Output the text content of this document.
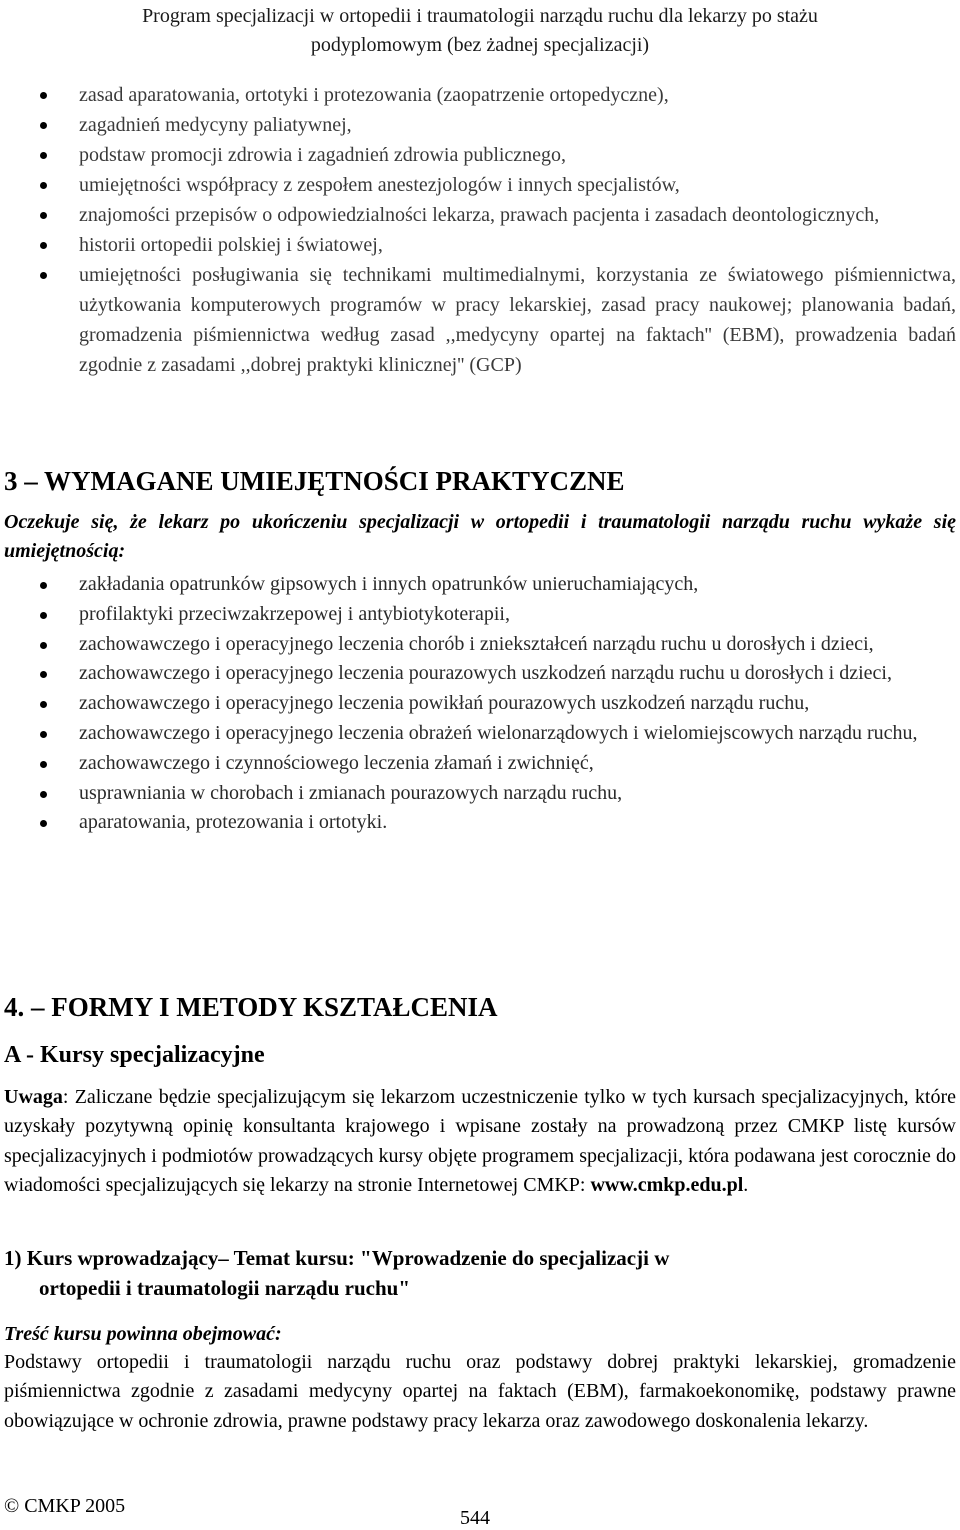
Program specjalizacji w ortopedii i traumatologii narządu ruchu dla lekarzy po stażu
podyplomowym (bez żadnej specjalizacji)
zasad aparatowania, ortotyki i protezowania (zaopatrzenie ortopedyczne),
zagadnień medycyny paliatywnej,
podstaw promocji zdrowia i zagadnień zdrowia publicznego,
umiejętności współpracy z zespołem anestezjologów i innych specjalistów,
znajomości przepisów o odpowiedzialności lekarza, prawach pacjenta i zasadach deontologicznych,
historii ortopedii polskiej i światowej,
umiejętności posługiwania się technikami multimedialnymi, korzystania ze światowego piśmiennictwa, użytkowania komputerowych programów w pracy lekarskiej, zasad pracy naukowej; planowania badań, gromadzenia piśmiennictwa według zasad ,,medycyny opartej na faktach'' (EBM), prowadzenia badań zgodnie z zasadami ,,dobrej praktyki klinicznej'' (GCP)
3 – WYMAGANE UMIEJĘTNOŚCI PRAKTYCZNE

Oczekuje się, że lekarz po ukończeniu specjalizacji w ortopedii i traumatologii narządu ruchu wykaże się umiejętnością:

zakładania opatrunków gipsowych i innych opatrunków unieruchamiających,
profilaktyki przeciwzakrzepowej i antybiotykoterapii,
zachowawczego i operacyjnego leczenia chorób i zniekształceń narządu ruchu u dorosłych i dzieci,
zachowawczego i operacyjnego leczenia pourazowych uszkodzeń narządu ruchu u dorosłych i dzieci,
zachowawczego i operacyjnego leczenia powikłań pourazowych uszkodzeń narządu ruchu,
zachowawczego i operacyjnego leczenia obrażeń wielonarządowych i wielomiejscowych narządu ruchu,
zachowawczego i czynnościowego leczenia złamań i zwichnięć,
usprawniania w chorobach i zmianach pourazowych narządu ruchu,
aparatowania, protezowania i ortotyki.
4. – FORMY I METODY KSZTAŁCENIA
A - Kursy specjalizacyjne

Uwaga: Zaliczane będzie specjalizującym się lekarzom uczestniczenie tylko w tych kursach specjalizacyjnych, które uzyskały pozytywną opinię konsultanta krajowego i wpisane zostały na prowadzoną przez CMKP listę kursów specjalizacyjnych i podmiotów prowadzących kursy objęte programem specjalizacji, która podawana jest corocznie do wiadomości specjalizujących się lekarzy na stronie Internetowej CMKP: www.cmkp.edu.pl.

1) Kurs wprowadzający– Temat kursu: "Wprowadzenie do specjalizacji w
ortopedii i traumatologii narządu ruchu"

Treść kursu powinna obejmować:

Podstawy ortopedii i traumatologii narządu ruchu oraz podstawy dobrej praktyki lekarskiej, gromadzenie piśmiennictwa zgodnie z zasadami medycyny opartej na faktach (EBM), farmakoekonomikę, podstawy prawne obowiązujące w ochronie zdrowia, prawne podstawy pracy lekarza oraz zawodowego doskonalenia lekarzy.

© CMKP 2005
544
